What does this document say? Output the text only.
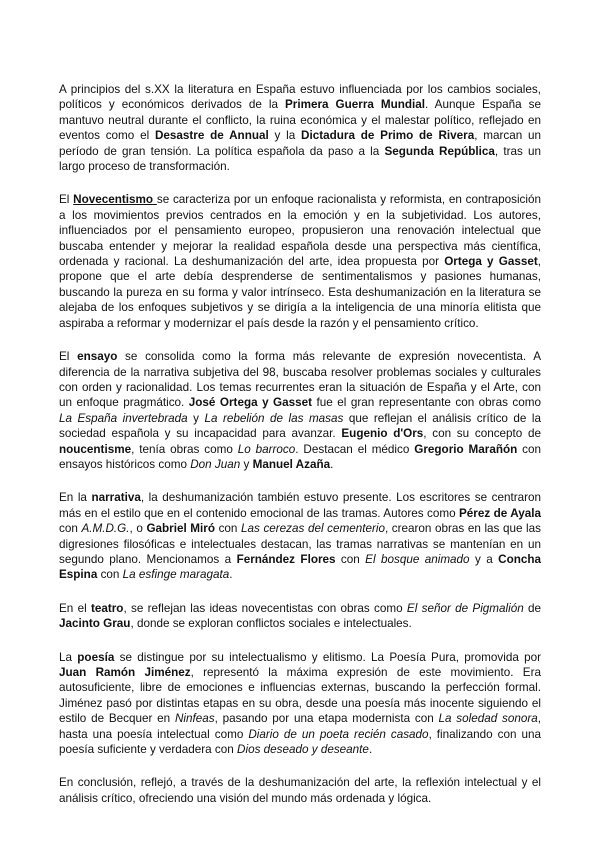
A principios del s.XX la literatura en España estuvo influenciada por los cambios sociales, políticos y económicos derivados de la Primera Guerra Mundial. Aunque España se mantuvo neutral durante el conflicto, la ruina económica y el malestar político, reflejado en eventos como el Desastre de Annual y la Dictadura de Primo de Rivera, marcan un período de gran tensión. La política española da paso a la Segunda República, tras un largo proceso de transformación.

El Novecentismo se caracteriza por un enfoque racionalista y reformista, en contraposición a los movimientos previos centrados en la emoción y en la subjetividad. Los autores, influenciados por el pensamiento europeo, propusieron una renovación intelectual que buscaba entender y mejorar la realidad española desde una perspectiva más científica, ordenada y racional. La deshumanización del arte, idea propuesta por Ortega y Gasset, propone que el arte debía desprenderse de sentimentalismos y pasiones humanas, buscando la pureza en su forma y valor intrínseco. Esta deshumanización en la literatura se alejaba de los enfoques subjetivos y se dirigía a la inteligencia de una minoría elitista que aspiraba a reformar y modernizar el país desde la razón y el pensamiento crítico.

El ensayo se consolida como la forma más relevante de expresión novecentista. A diferencia de la narrativa subjetiva del 98, buscaba resolver problemas sociales y culturales con orden y racionalidad. Los temas recurrentes eran la situación de España y el Arte, con un enfoque pragmático. José Ortega y Gasset fue el gran representante con obras como La España invertebrada y La rebelión de las masas que reflejan el análisis crítico de la sociedad española y su incapacidad para avanzar. Eugenio d'Ors, con su concepto de noucentisme, tenía obras como Lo barroco. Destacan el médico Gregorio Marañón con ensayos históricos como Don Juan y Manuel Azaña.

En la narrativa, la deshumanización también estuvo presente. Los escritores se centraron más en el estilo que en el contenido emocional de las tramas. Autores como Pérez de Ayala con A.M.D.G., o Gabriel Miró con Las cerezas del cementerio, crearon obras en las que las digresiones filosóficas e intelectuales destacan, las tramas narrativas se mantenían en un segundo plano. Mencionamos a Fernández Flores con El bosque animado y a Concha Espina con La esfinge maragata.

En el teatro, se reflejan las ideas novecentistas con obras como El señor de Pigmalión de Jacinto Grau, donde se exploran conflictos sociales e intelectuales.

La poesía se distingue por su intelectualismo y elitismo. La Poesía Pura, promovida por Juan Ramón Jiménez, representó la máxima expresión de este movimiento. Era autosuficiente, libre de emociones e influencias externas, buscando la perfección formal. Jiménez pasó por distintas etapas en su obra, desde una poesía más inocente siguiendo el estilo de Becquer en Ninfeas, pasando por una etapa modernista con La soledad sonora, hasta una poesía intelectual como Diario de un poeta recién casado, finalizando con una poesía suficiente y verdadera con Dios deseado y deseante.

En conclusión, reflejó, a través de la deshumanización del arte, la reflexión intelectual y el análisis crítico, ofreciendo una visión del mundo más ordenada y lógica.
